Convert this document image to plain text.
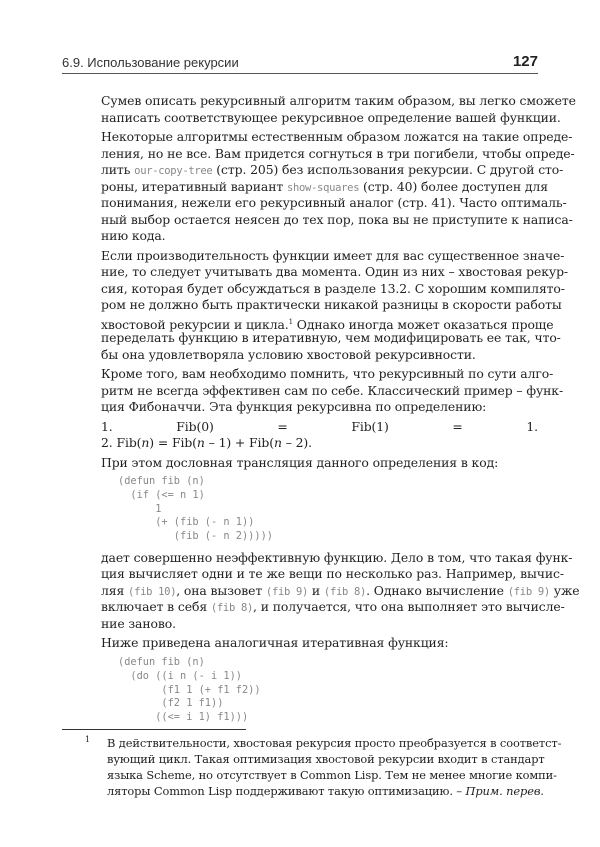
6.9. Использование рекурсии	127
Сумев описать рекурсивный алгоритм таким образом, вы легко сможете
написать соответствующее рекурсивное определение вашей функции.
Некоторые алгоритмы естественным образом ложатся на такие опреде-
ления, но не все. Вам придется согнуться в три погибели, чтобы опреде-
лить our-copy-tree (стр. 205) без использования рекурсии. С другой сто-
роны, итеративный вариант show-squares (стр. 40) более доступен для
понимания, нежели его рекурсивный аналог (стр. 41). Часто оптималь-
ный выбор остается неясен до тех пор, пока вы не приступите к написа-
нию кода.
Если производительность функции имеет для вас существенное значе-
ние, то следует учитывать два момента. Один из них – хвостовая рекур-
сия, которая будет обсуждаться в разделе 13.2. С хорошим компилято-
ром не должно быть практически никакой разницы в скорости работы
хвостовой рекурсии и цикла.$^1$ Однако иногда может оказаться проще
переделать функцию в итеративную, чем модифицировать ее так, что-
бы она удовлетворяла условию хвостовой рекурсивности.
Кроме того, вам необходимо помнить, что рекурсивный по сути алго-
ритм не всегда эффективен сам по себе. Классический пример – функ-
ция Фибоначчи. Эта функция рекурсивна по определению:
1. Fib(0) = Fib(1) = 1.
2. Fib(n) = Fib(n – 1) + Fib(n – 2).
При этом дословная трансляция данного определения в код:
(defun fib (n)
(if (<= n 1)
1
(+ (fib (- n 1))
(fib (- n 2)))))
дает совершенно неэффективную функцию. Дело в том, что такая функ-
ция вычисляет одни и те же вещи по несколько раз. Например, вычис-
ляя (fib 10), она вызовет (fib 9) и (fib 8). Однако вычисление (fib 9) уже
включает в себя (fib 8), и получается, что она выполняет это вычисле-
ние заново.
Ниже приведена аналогичная итеративная функция:
(defun fib (n)
(do ((i n (- i 1))
(f1 1 (+ f1 f2))
(f2 1 f1))
((<= i 1) f1)))
1 В действительности, хвостовая рекурсия просто преобразуется в соответст-
вующий цикл. Такая оптимизация хвостовой рекурсии входит в стандарт
языка Scheme, но отсутствует в Common Lisp. Тем не менее многие компи-
ляторы Common Lisp поддерживают такую оптимизацию. – Прим. перев.
